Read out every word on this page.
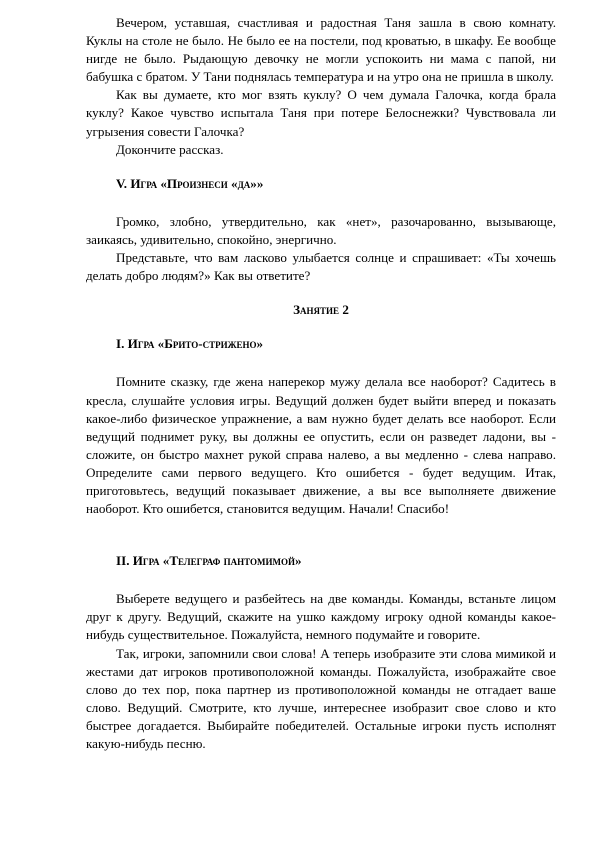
Вечером, уставшая, счастливая и радостная Таня зашла в свою комнату. Куклы на столе не было. Не было ее на постели, под кроватью, в шкафу. Ее вообще нигде не было. Рыдающую девочку не могли успокоить ни мама с папой, ни бабушка с братом. У Тани поднялась температура и на утро она не пришла в школу.

Как вы думаете, кто мог взять куклу? О чем думала Галочка, когда брала куклу? Какое чувство испытала Таня при потере Белоснежки? Чувствовала ли угрызения совести Галочка?

Докончите рассказ.

V. Игра «Произнеси «да»»

Громко, злобно, утвердительно, как «нет», разочарованно, вызывающе, заикаясь, удивительно, спокойно, энергично.

Представьте, что вам ласково улыбается солнце и спрашивает: «Ты хочешь делать добро людям?» Как вы ответите?

Занятие 2
I. Игра «Брито-стрижено»

Помните сказку, где жена наперекор мужу делала все наоборот? Садитесь в кресла, слушайте условия игры. Ведущий должен будет выйти вперед и показать какое-либо физическое упражнение, а вам нужно будет делать все наоборот. Если ведущий поднимет руку, вы должны ее опустить, если он разведет ладони, вы - сложите, он быстро махнет рукой справа налево, а вы медленно - слева направо. Определите сами первого ведущего. Кто ошибется - будет ведущим. Итак, приготовьтесь, ведущий показывает движение, а вы все выполняете движение наоборот. Кто ошибется, становится ведущим. Начали! Спасибо!

II. Игра «Телеграф пантомимой»

Выберете ведущего и разбейтесь на две команды. Команды, встаньте лицом друг к другу. Ведущий, скажите на ушко каждому игроку одной команды какое-нибудь существительное. Пожалуйста, немного подумайте и говорите.

Так, игроки, запомнили свои слова! А теперь изобразите эти слова мимикой и жестами дат игроков противоположной команды. Пожалуйста, изображайте свое слово до тех пор, пока партнер из противоположной команды не отгадает ваше слово. Ведущий. Смотрите, кто лучше, интереснее изобразит свое слово и кто быстрее догадается. Выбирайте победителей. Остальные игроки пусть исполнят какую-нибудь песню.
